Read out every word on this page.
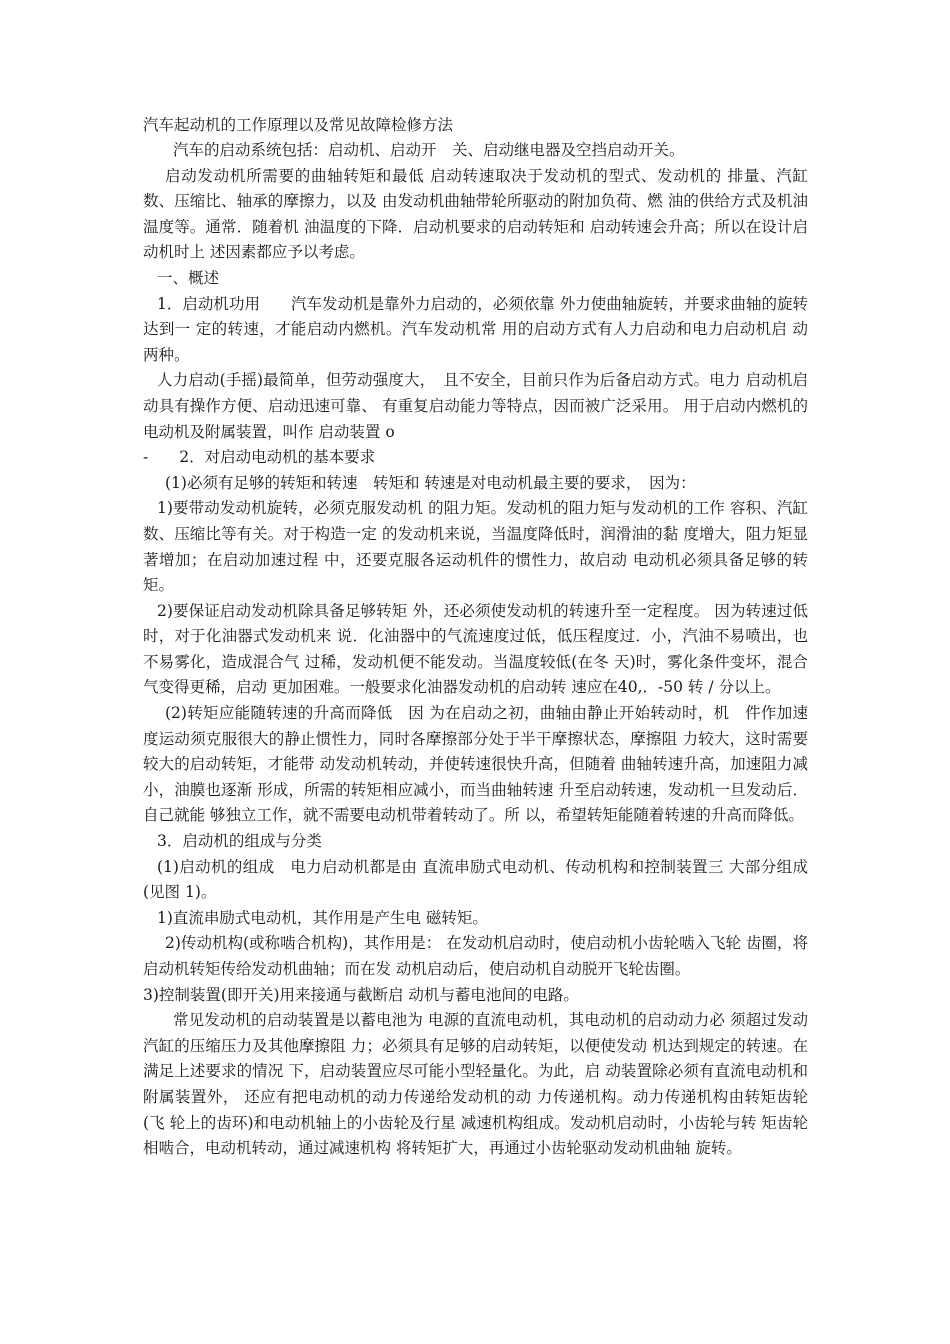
汽车起动机的工作原理以及常见故障检修方法

汽车的启动系统包括：启动机、启动开　关、启动继电器及空挡启动开关。

启动发动机所需要的曲轴转矩和最低 启动转速取决于发动机的型式、发动机的 排量、汽缸数、压缩比、轴承的摩擦力，以及 由发动机曲轴带轮所驱动的附加负荷、燃 油的供给方式及机油温度等。通常．随着机 油温度的下降．启动机要求的启动转矩和 启动转速会升高；所以在设计启动机时上 述因素都应予以考虑。

一、概述

1．启动机功用　　汽车发动机是靠外力启动的，必须依靠 外力使曲轴旋转，并要求曲轴的旋转达到一 定的转速，才能启动内燃机。汽车发动机常 用的启动方式有人力启动和电力启动机启 动两种。

人力启动(手摇)最简单，但劳动强度大，　且不安全，目前只作为后备启动方式。电力 启动机启动具有操作方便、启动迅速可靠、 有重复启动能力等特点，因而被广泛采用。 用于启动内燃机的电动机及附属装置，叫作 启动装置 o

-　　2．对启动电动机的基本要求

(1)必须有足够的转矩和转速　转矩和 转速是对电动机最主要的要求，　因为：

1)要带动发动机旋转，必须克服发动机 的阻力矩。发动机的阻力矩与发动机的工作 容积、汽缸数、压缩比等有关。对于构造一定 的发动机来说，当温度降低时，润滑油的黏 度增大，阻力矩显著增加；在启动加速过程 中，还要克服各运动机件的惯性力，故启动 电动机必须具备足够的转矩。

2)要保证启动发动机除具备足够转矩 外，还必须使发动机的转速升至一定程度。 因为转速过低时，对于化油器式发动机来 说．化油器中的气流速度过低，低压程度过．小，汽油不易喷出，也不易雾化，造成混合气 过稀，发动机便不能发动。当温度较低(在冬 天)时，雾化条件变坏，混合气变得更稀，启动 更加困难。一般要求化油器发动机的启动转 速应在40,．-50 转 / 分以上。

(2)转矩应能随转速的升高而降低　因 为在启动之初，曲轴由静止开始转动时，机　件作加速度运动须克服很大的静止惯性力，同时各摩擦部分处于半干摩擦状态，摩擦阻 力较大，这时需要较大的启动转矩，才能带 动发动机转动，并使转速很快升高，但随着 曲轴转速升高，加速阻力减小，油膜也逐渐 形成，所需的转矩相应减小，而当曲轴转速 升至启动转速，发动机一旦发动后．自己就能 够独立工作，就不需要电动机带着转动了。所 以，希望转矩能随着转速的升高而降低。

3．启动机的组成与分类

(1)启动机的组成　电力启动机都是由 直流串励式电动机、传动机构和控制装置三 大部分组成(见图 1)。

1)直流串励式电动机，其作用是产生电 磁转矩。

2)传动机构(或称啮合机构)，其作用是： 在发动机启动时，使启动机小齿轮啮入飞轮 齿圈，将启动机转矩传给发动机曲轴；而在发 动机启动后，使启动机自动脱开飞轮齿圈。

3)控制装置(即开关)用来接通与截断启 动机与蓄电池间的电路。

常见发动机的启动装置是以蓄电池为 电源的直流电动机，其电动机的启动动力必 须超过发动汽缸的压缩压力及其他摩擦阻 力；必须具有足够的启动转矩，以便使发动 机达到规定的转速。在满足上述要求的情况 下，启动装置应尽可能小型轻量化。为此，启 动装置除必须有直流电动机和附属装置外， 还应有把电动机的动力传递给发动机的动 力传递机构。动力传递机构由转矩齿轮(飞 轮上的齿环)和电动机轴上的小齿轮及行星 减速机构组成。发动机启动时，小齿轮与转 矩齿轮相啮合，电动机转动，通过减速机构 将转矩扩大，再通过小齿轮驱动发动机曲轴 旋转。
